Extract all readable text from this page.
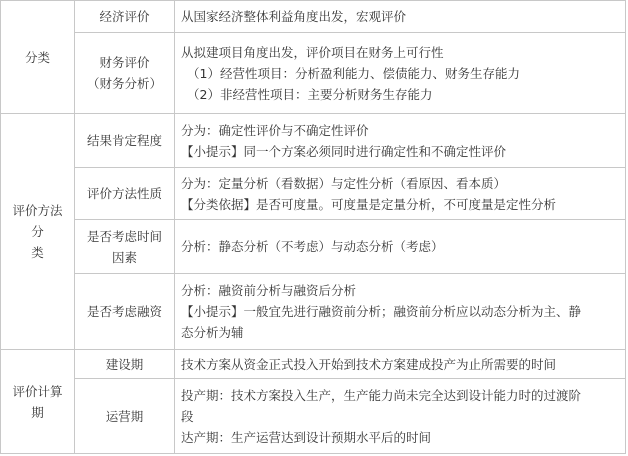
分类	经济评价	从国家经济整体利益角度出发，宏观评价

	财务评价
（财务分析）	从拟建项目角度出发，评价项目在财务上可行性
（1）经营性项目：分析盈利能力、偿债能力、财务生存能力
（2）非经营性项目：主要分析财务生存能力

评价方法分
类	结果肯定程度	分为：确定性评价与不确定性评价
【小提示】同一个方案必须同时进行确定性和不确定性评价

	评价方法性质	分为：定量分析（看数据）与定性分析（看原因、看本质）
【分类依据】是否可度量。可度量是定量分析，不可度量是定性分析

	是否考虑时间
因素	分析：静态分析（不考虑）与动态分析（考虑）

	是否考虑融资	分析：融资前分析与融资后分析
【小提示】一般宜先进行融资前分析；融资前分析应以动态分析为主、静
态分析为辅

评价计算期	建设期	技术方案从资金正式投入开始到技术方案建成投产为止所需要的时间

	运营期	投产期：技术方案投入生产，生产能力尚未完全达到设计能力时的过渡阶
段
达产期：生产运营达到设计预期水平后的时间
